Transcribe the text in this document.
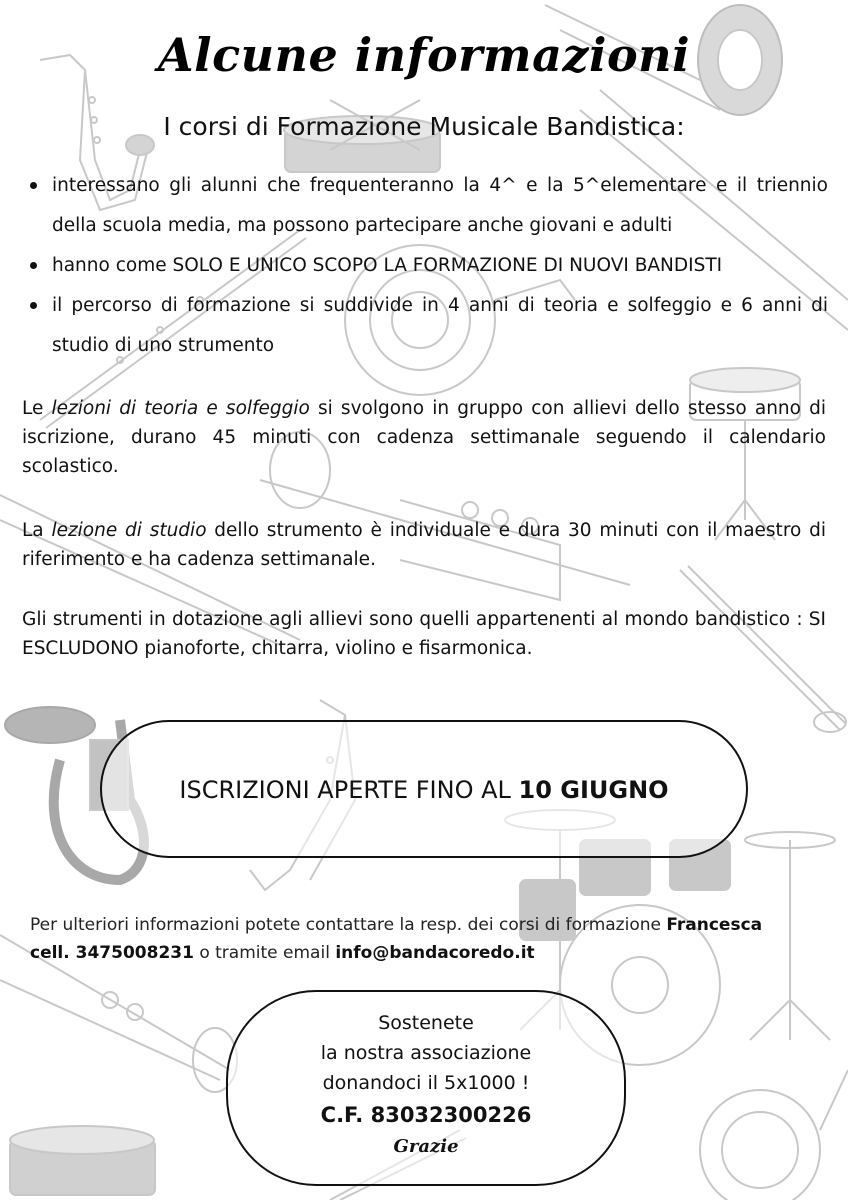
Alcune informazioni
I corsi di Formazione Musicale Bandistica:
interessano gli alunni che frequenteranno la 4^ e la 5^elementare e il triennio della scuola media, ma possono partecipare anche giovani e adulti
hanno come SOLO E UNICO SCOPO LA FORMAZIONE DI NUOVI BANDISTI
il percorso di formazione si suddivide in 4 anni di teoria e solfeggio e 6 anni di studio di uno strumento

Le lezioni di teoria e solfeggio si svolgono in gruppo con allievi dello stesso anno di iscrizione, durano 45 minuti con cadenza settimanale seguendo il calendario scolastico.

La lezione di studio dello strumento è individuale e dura 30 minuti con il maestro di riferimento e ha cadenza settimanale.

Gli strumenti in dotazione agli allievi sono quelli appartenenti al mondo bandistico : SI ESCLUDONO pianoforte, chitarra, violino e fisarmonica.

ISCRIZIONI APERTE FINO AL 10 GIUGNO
Per ulteriori informazioni potete contattare la resp. dei corsi di formazione Francesca
cell. 3475008231 o tramite email info@bandacoredo.it
Sostenete
la nostra associazione
donandoci il 5x1000 !
C.F. 83032300226
Grazie
